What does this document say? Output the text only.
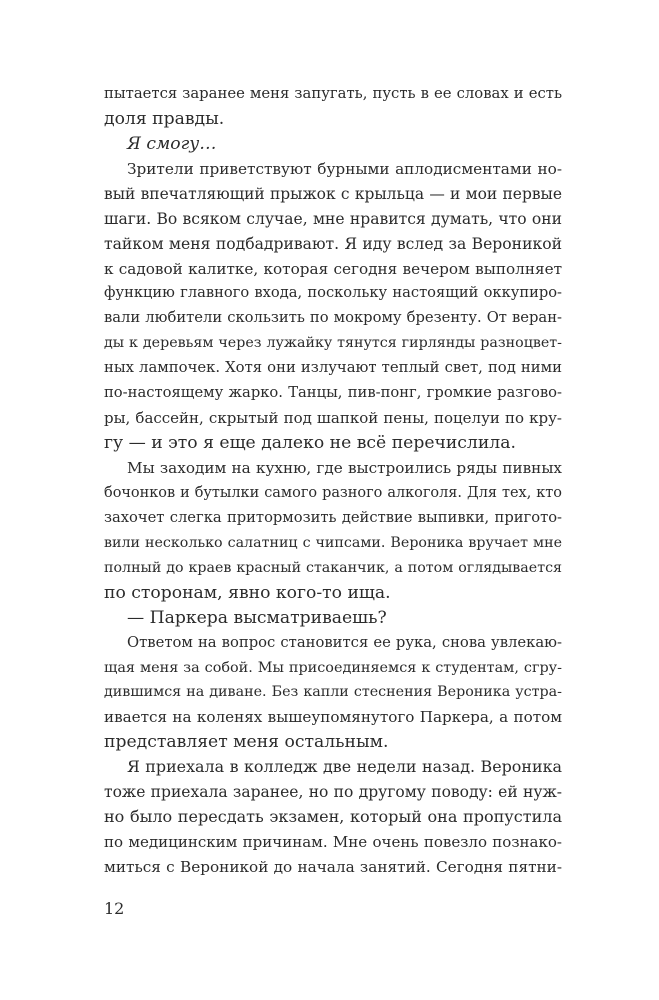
пытается заранее меня запугать, пусть в ее словах и есть
доля правды.
Я смогу…
Зрители приветствуют бурными аплодисментами но-
вый впечатляющий прыжок с крыльца — и мои первые
шаги. Во всяком случае, мне нравится думать, что они
тайком меня подбадривают. Я иду вслед за Вероникой
к садовой калитке, которая сегодня вечером выполняет
функцию главного входа, поскольку настоящий оккупиро-
вали любители скользить по мокрому брезенту. От веран-
ды к деревьям через лужайку тянутся гирлянды разноцвет-
ных лампочек. Хотя они излучают теплый свет, под ними
по-настоящему жарко. Танцы, пив-понг, громкие разгово-
ры, бассейн, скрытый под шапкой пены, поцелуи по кру-
гу — и это я еще далеко не всё перечислила.
Мы заходим на кухню, где выстроились ряды пивных
бочонков и бутылки самого разного алкоголя. Для тех, кто
захочет слегка притормозить действие выпивки, пригото-
вили несколько салатниц с чипсами. Вероника вручает мне
полный до краев красный стаканчик, а потом оглядывается
по сторонам, явно кого-то ища.
— Паркера высматриваешь?
Ответом на вопрос становится ее рука, снова увлекаю-
щая меня за собой. Мы присоединяемся к студентам, сгру-
дившимся на диване. Без капли стеснения Вероника устра-
ивается на коленях вышеупомянутого Паркера, а потом
представляет меня остальным.
Я приехала в колледж две недели назад. Вероника
тоже приехала заранее, но по другому поводу: ей нуж-
но было пересдать экзамен, который она пропустила
по медицинским причинам. Мне очень повезло познако-
миться с Вероникой до начала занятий. Сегодня пятни-
12
